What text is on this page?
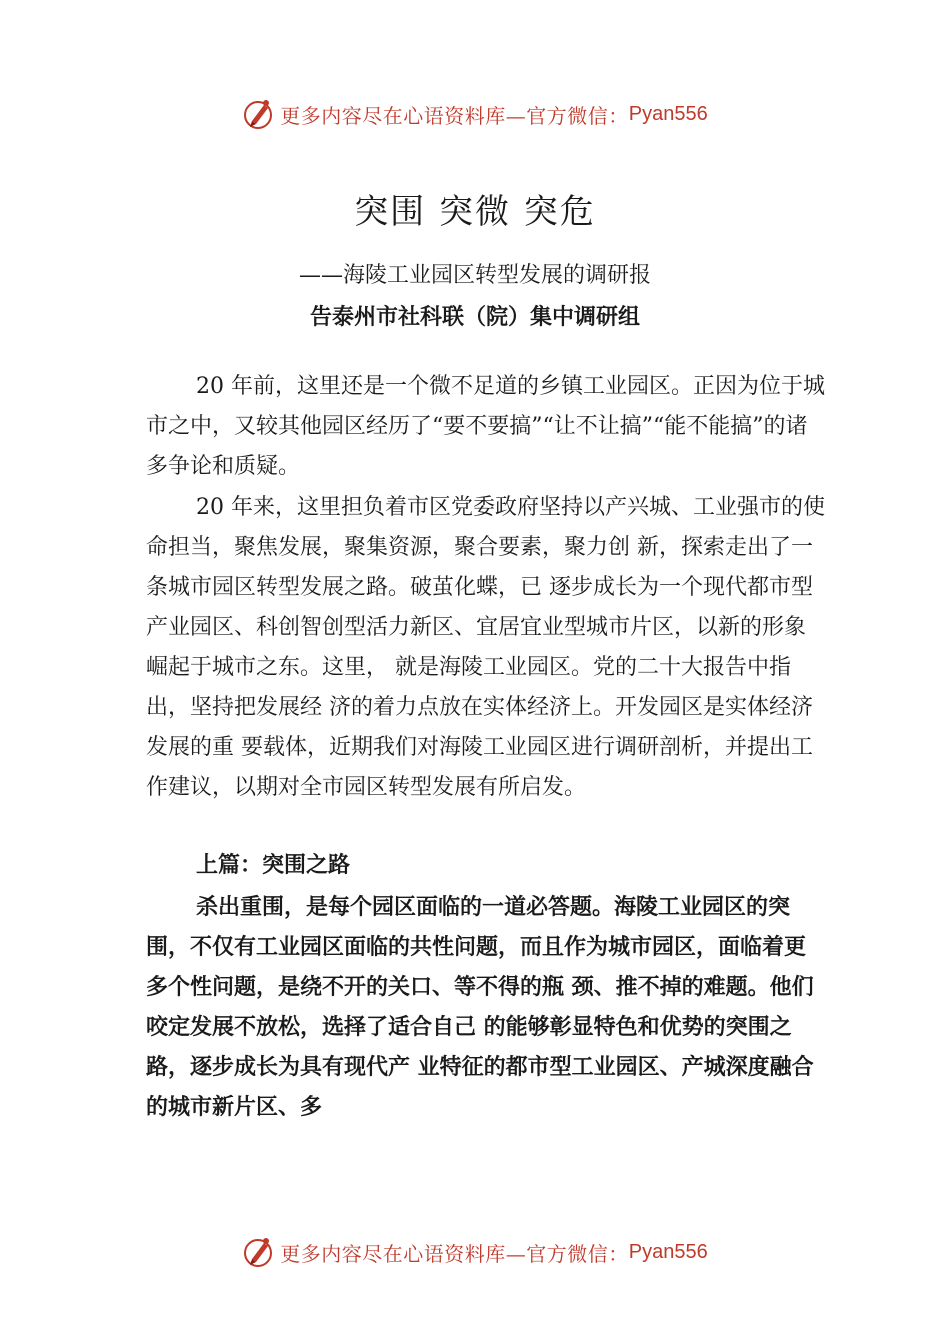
更多内容尽在心语资料库—官方微信： Pyan556
突围 突微 突危
——海陵工业园区转型发展的调研报
告泰州市社科联（院）集中调研组

20 年前，这里还是一个微不足道的乡镇工业园区。正因为位于城市之中，又较其他园区经历了“要不要搞”“让不让搞”“能不能搞”的诸多争论和质疑。

20 年来，这里担负着市区党委政府坚持以产兴城、工业强市的使命担当，聚焦发展，聚集资源，聚合要素，聚力创 新，探索走出了一条城市园区转型发展之路。破茧化蝶，已 逐步成长为一个现代都市型产业园区、科创智创型活力新区、宜居宜业型城市片区，以新的形象崛起于城市之东。这里， 就是海陵工业园区。党的二十大报告中指出，坚持把发展经 济的着力点放在实体经济上。开发园区是实体经济发展的重 要载体，近期我们对海陵工业园区进行调研剖析，并提出工 作建议，以期对全市园区转型发展有所启发。

上篇：突围之路

杀出重围，是每个园区面临的一道必答题。海陵工业园区的突围，不仅有工业园区面临的共性问题，而且作为城市园区，面临着更多个性问题，是绕不开的关口、等不得的瓶 颈、推不掉的难题。他们咬定发展不放松，选择了适合自己 的能够彰显特色和优势的突围之路，逐步成长为具有现代产 业特征的都市型工业园区、产城深度融合的城市新片区、多

更多内容尽在心语资料库—官方微信： Pyan556
